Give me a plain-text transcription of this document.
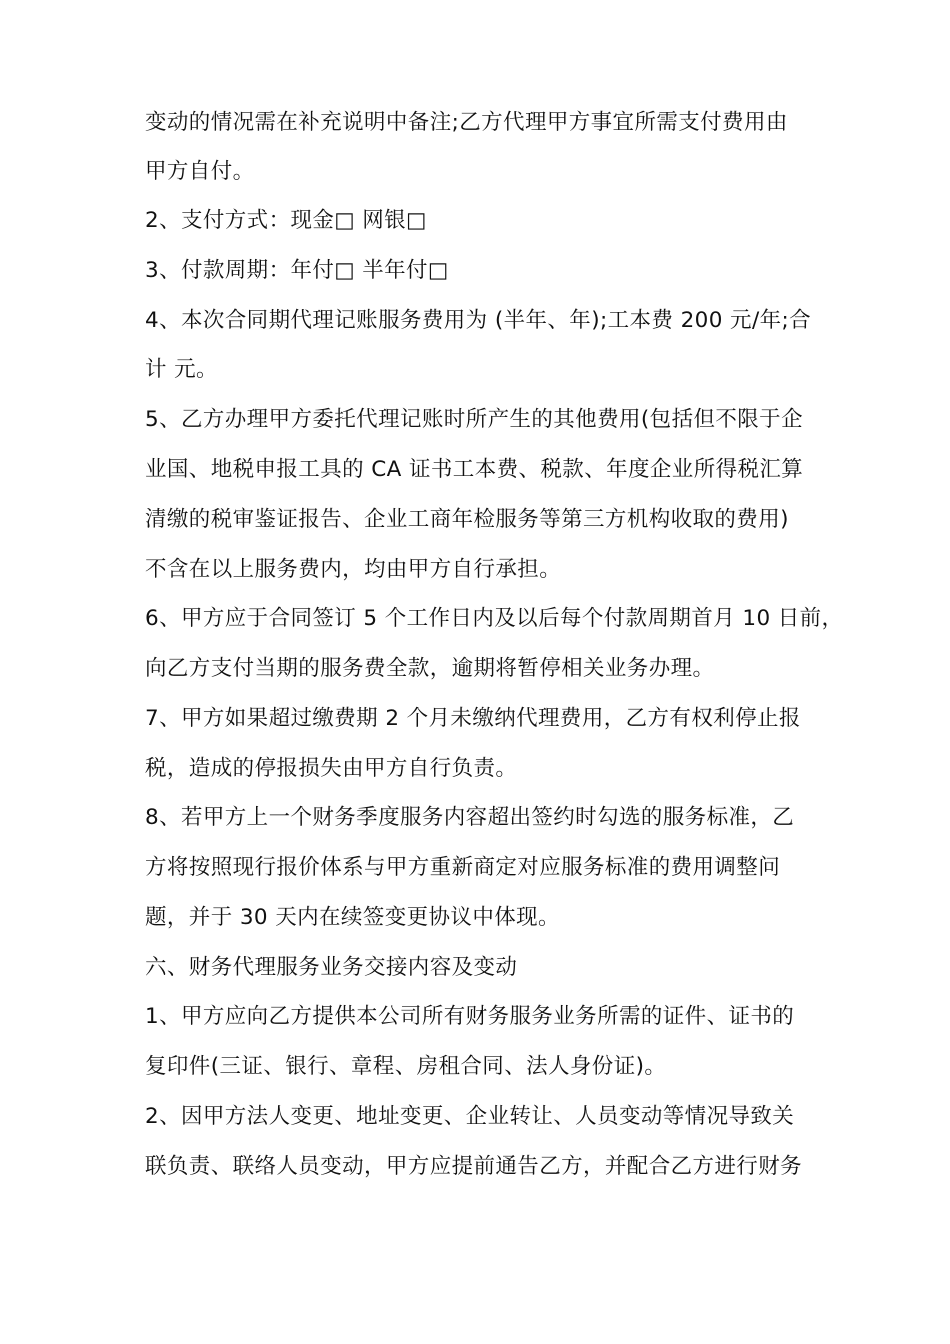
变动的情况需在补充说明中备注;乙方代理甲方事宜所需支付费用由
甲方自付。
2、支付方式：现金□ 网银□
3、付款周期：年付□ 半年付□
4、本次合同期代理记账服务费用为 (半年、年);工本费 200 元/年;合
计 元。
5、乙方办理甲方委托代理记账时所产生的其他费用(包括但不限于企
业国、地税申报工具的 CA 证书工本费、税款、年度企业所得税汇算
清缴的税审鉴证报告、企业工商年检服务等第三方机构收取的费用)
不含在以上服务费内，均由甲方自行承担。
6、甲方应于合同签订 5 个工作日内及以后每个付款周期首月 10 日前，
向乙方支付当期的服务费全款，逾期将暂停相关业务办理。
7、甲方如果超过缴费期 2 个月未缴纳代理费用，乙方有权利停止报
税，造成的停报损失由甲方自行负责。
8、若甲方上一个财务季度服务内容超出签约时勾选的服务标准，乙
方将按照现行报价体系与甲方重新商定对应服务标准的费用调整问
题，并于 30 天内在续签变更协议中体现。
六、财务代理服务业务交接内容及变动
1、甲方应向乙方提供本公司所有财务服务业务所需的证件、证书的
复印件(三证、银行、章程、房租合同、法人身份证)。
2、因甲方法人变更、地址变更、企业转让、人员变动等情况导致关
联负责、联络人员变动，甲方应提前通告乙方，并配合乙方进行财务
